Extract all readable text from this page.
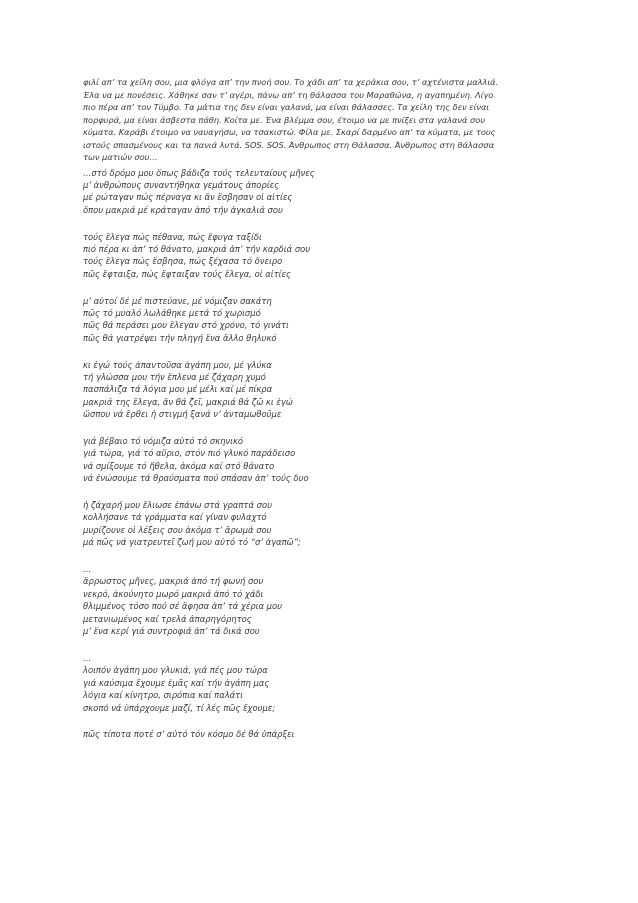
φιλί απ’ τα χείλη σου, μια φλόγα απ’ την πνοή σου. Το χάδι απ’ τα χεράκια σου, τ’ αχτένιστα μαλλιά.
Έλα να με πονέσεις. Χάθηκε σαν τ’ αγέρι, πάνω απ’ τη θάλασσα του Μαραθώνα, η αγαπημένη. Λίγο
πιο πέρα απ’ τον Τύμβο. Τα μάτια της δεν είναι γαλανά, μα είναι θάλασσες. Τα χείλη της δεν είναι
πορφυρά, μα είναι άσβεστα πάθη. Κοίτα με. Ένα βλέμμα σου, έτοιμο να με πνίξει στα γαλανά σου
κύματα. Καράβι έτοιμο να ναυαγήσω, να τσακιστώ. Φίλα με. Σκαρί δαρμένο απ’ τα κύματα, με τους
ιστούς σπασμένους και τα πανιά λυτά. SOS. SOS. Άνθρωπος στη Θάλασσα. Άνθρωπος στη θάλασσα
των ματιών σου…
…στό δρόμο μου ὅπως βάδιζα τούς τελευταίους μῆνες
μ’ ἀνθρώπους συναντήθηκα γεμάτους ἀπορίες
μέ ρώταγαν πώς πέρναγα κι ἄν ἔσβησαν οἱ αἰτίες
ὅπου μακριά μέ κράταγαν ἀπό τήν ἀγκαλιά σου
τούς ἔλεγα πώς πέθανα, πώς ἔφυγα ταξίδι
πιό πέρα κι ἀπ’ τό θάνατο, μακριά ἀπ’ τήν καρδιά σου
τούς ἔλεγα πώς ἔσβησα, πώς ξέχασα τό ὄνειρο
πῶς ἔφταιξα, πώς ἔφταιξαν τούς ἔλεγα, οἱ αἰτίες
μ’ αὐτοί δέ μέ πιστεύανε, μέ νόμιζαν σακάτη
πῶς τό μυαλό λωλάθηκε μετά τό χωρισμό
πῶς θά περάσει μου ἔλεγαν στό χρόνο, τό γινάτι
πῶς θά γιατρέψει τήν πληγή ἕνα ἄλλο θηλυκό
κι ἐγώ τούς ἀπαντοῦσα ἀγάπη μου, μέ γλύκα
τή γλώσσα μου τήν ἔπλενα μέ ζάχαρη χυμό
πασπάλιζα τά λόγια μου μέ μέλι καί μέ πίκρα
μακριά της ἔλεγα, ἄν θά ζεῖ, μακριά θά ζῶ κι ἐγώ
ὥσπου νά ἔρθει ἡ στιγμή ξανά ν’ ἀνταμωθοῦμε
γιά βέβαιο τό νόμιζα αὐτό τό σκηνικό
γιά τώρα, γιά τό αὔριο, στόν πιό γλυκό παράδεισο
νά σμίξουμε τό ἤθελα, ἀκόμα καί στό θάνατο
νά ἑνώσουμε τά θραύσματα πού σπάσαν ἀπ’ τούς δυο
ἡ ζάχαρή μου ἔλιωσε ἐπάνω στά γραπτά σου
κολλήσανε τά γράμματα καί γίναν φυλαχτό
μυρίζουνε οἱ λέξεις σου ἀκόμα τ’ ἄρωμά σου
μά πῶς νά γιατρευτεῖ ζωή μου αὐτό τό “σ’ ἀγαπῶ”;
…
ἄρρωστος μῆνες, μακριά ἀπό τή φωνή σου
νεκρό, ἀκούνητο μωρό μακριά ἀπό τό χάδι
θλιμμένος τόσο πού σέ ἄφησα ἀπ’ τά χέρια μου
μετανιωμένος καί τρελά ἀπαρηγόρητος
μ’ ἕνα κερί γιά συντροφιά ἀπ’ τά δικά σου
…
λοιπόν ἀγάπη μου γλυκιά, γιά πές μου τώρα
γιά καύσιμα ἔχουμε ἐμᾶς καί τήν ἀγάπη μας
λόγια καί κίνητρο, σιρόπια καί παλάτι
σκοπό νά ὑπάρχουμε μαζί, τί λές πῶς ἔχουμε;
πῶς τίποτα ποτέ σ’ αὐτό τόν κόσμο δέ θά ὑπάρξει
